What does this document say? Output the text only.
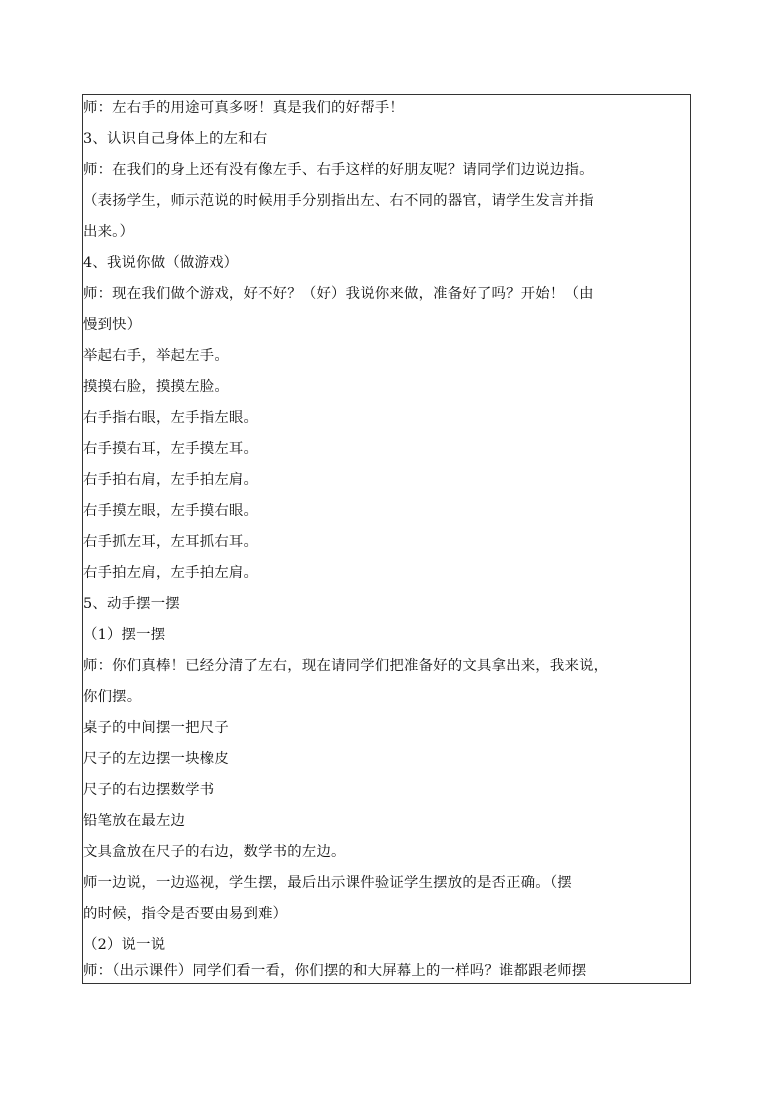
师：左右手的用途可真多呀！真是我们的好帮手！
3、认识自己身体上的左和右
师：在我们的身上还有没有像左手、右手这样的好朋友呢？请同学们边说边指。
（表扬学生，师示范说的时候用手分别指出左、右不同的器官，请学生发言并指
出来。）
4、我说你做（做游戏）
师：现在我们做个游戏，好不好？（好）我说你来做，准备好了吗？开始！（由
慢到快）
举起右手，举起左手。
摸摸右脸，摸摸左脸。
右手指右眼，左手指左眼。
右手摸右耳，左手摸左耳。
右手拍右肩，左手拍左肩。
右手摸左眼，左手摸右眼。
右手抓左耳，左耳抓右耳。
右手拍左肩，左手拍左肩。
5、动手摆一摆
（1）摆一摆
师：你们真棒！已经分清了左右，现在请同学们把准备好的文具拿出来，我来说，
你们摆。
桌子的中间摆一把尺子
尺子的左边摆一块橡皮
尺子的右边摆数学书
铅笔放在最左边
文具盒放在尺子的右边，数学书的左边。
师一边说，一边巡视，学生摆，最后出示课件验证学生摆放的是否正确。（摆
的时候，指令是否要由易到难）
（2）说一说
师：（出示课件）同学们看一看，你们摆的和大屏幕上的一样吗？谁都跟老师摆
